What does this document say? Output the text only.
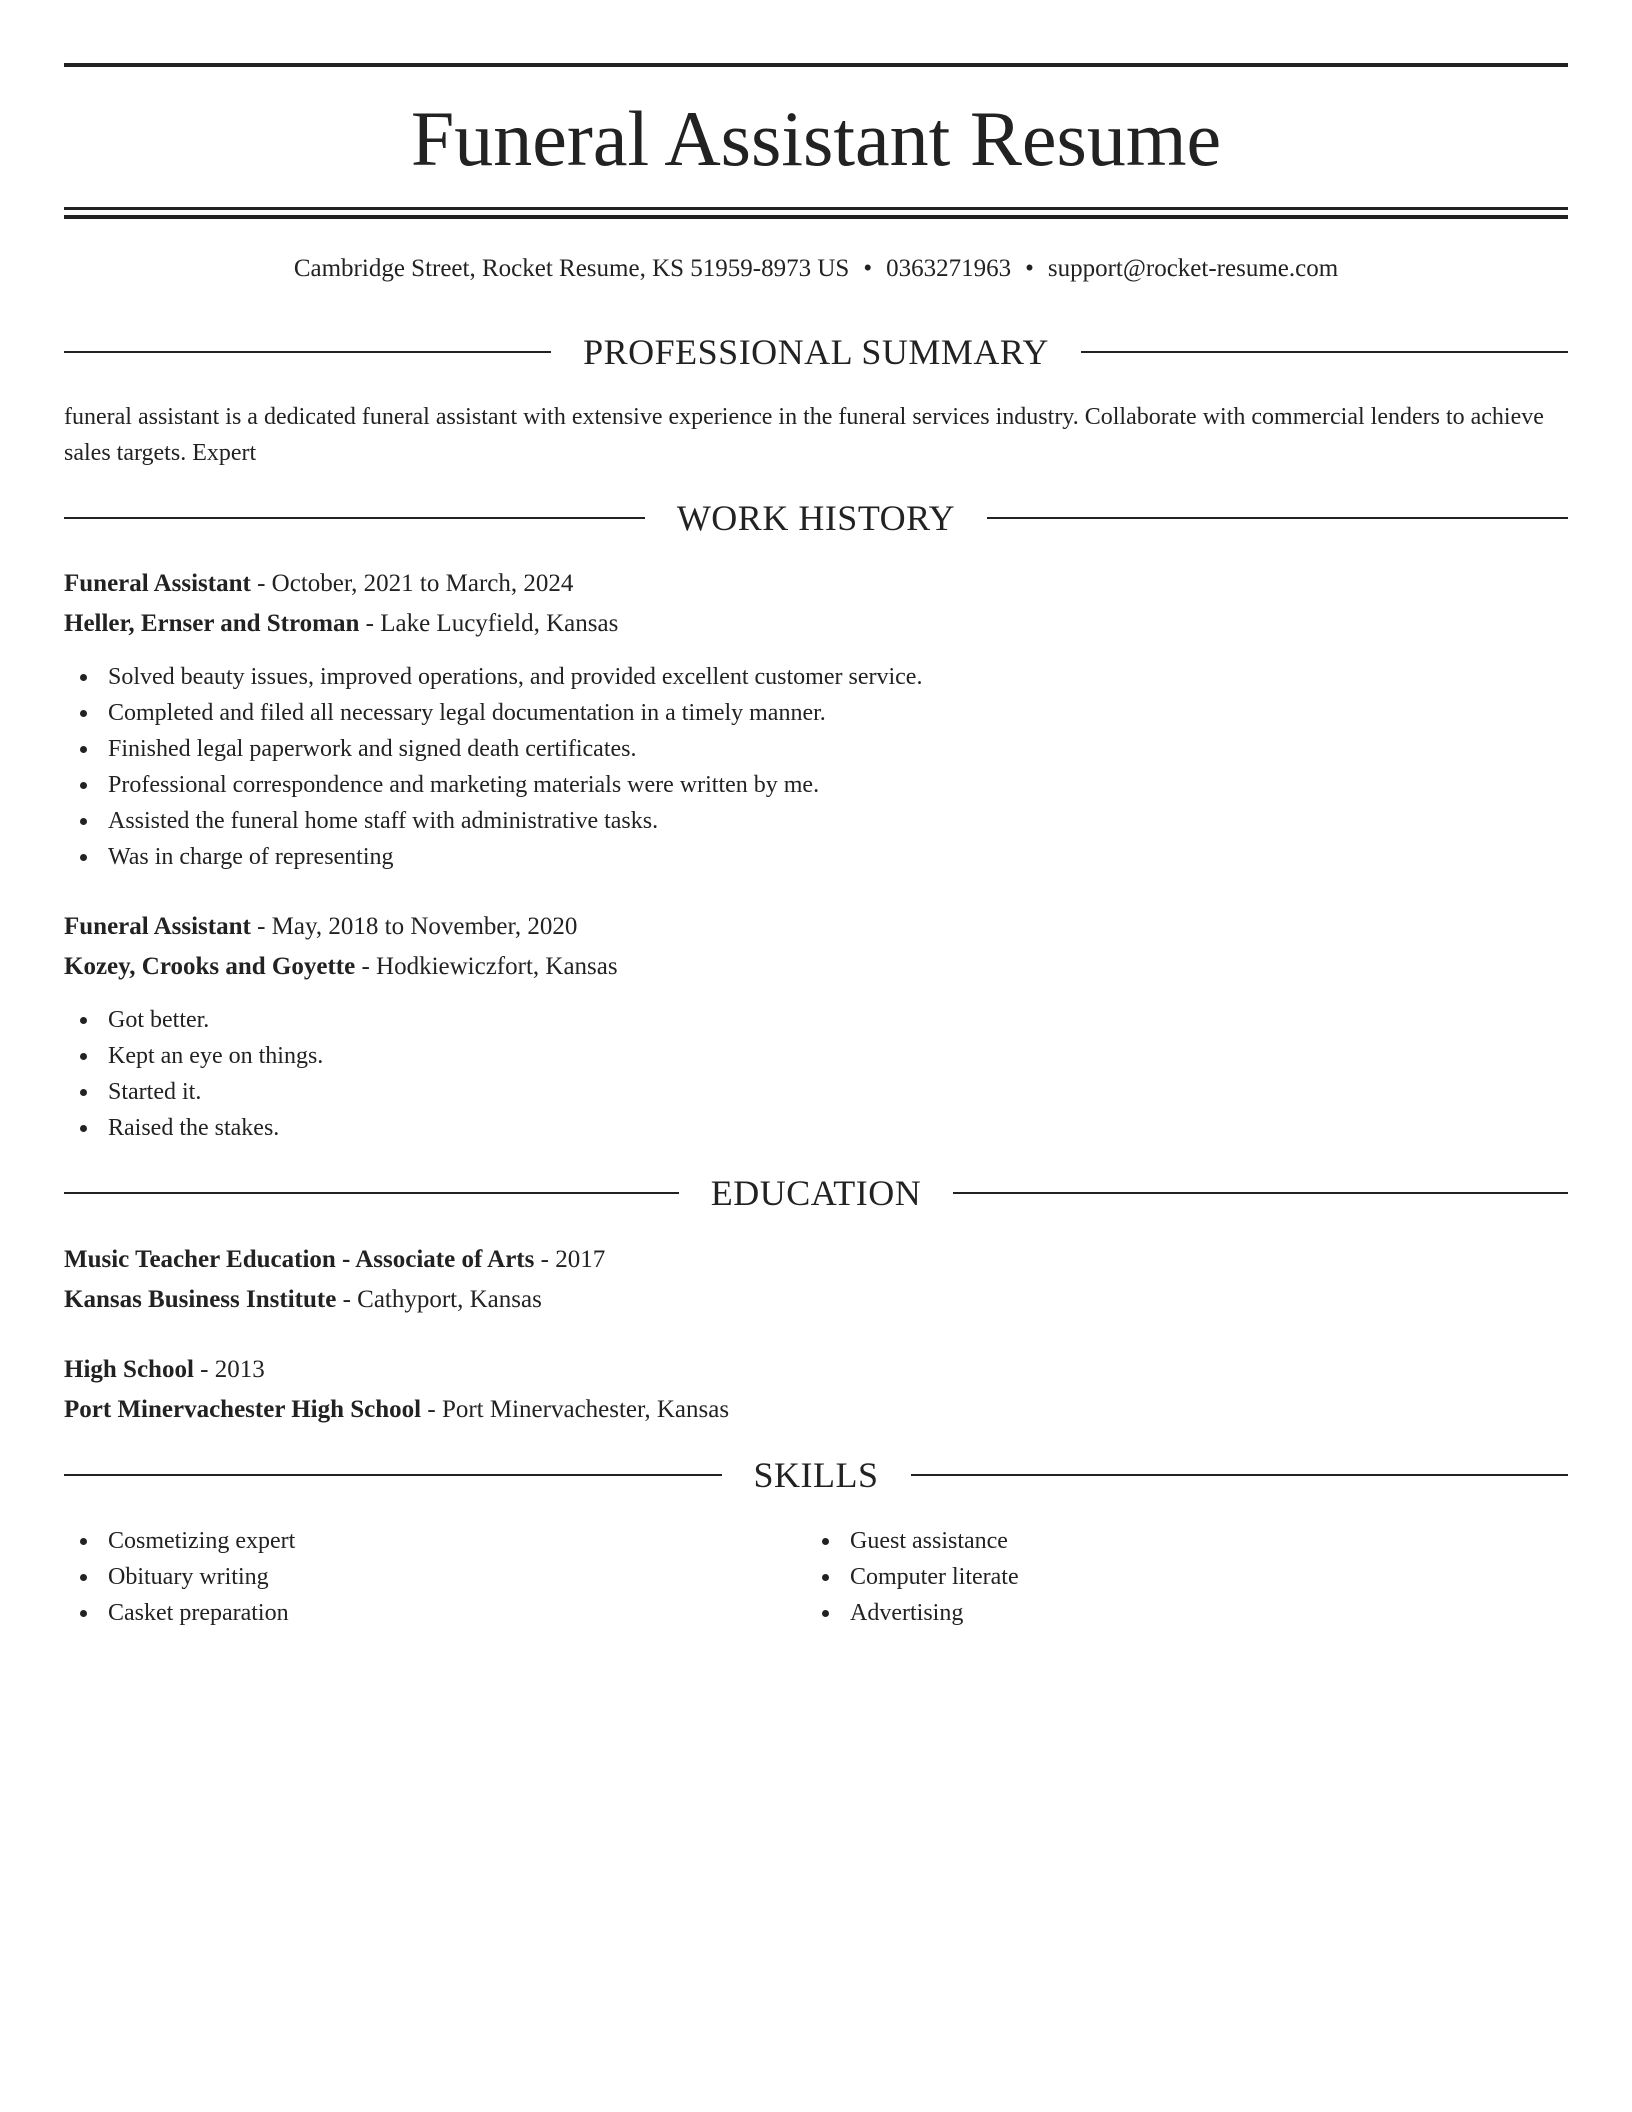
Funeral Assistant Resume
Cambridge Street, Rocket Resume, KS 51959-8973 US • 0363271963 • support@rocket-resume.com
PROFESSIONAL SUMMARY
funeral assistant is a dedicated funeral assistant with extensive experience in the funeral services industry. Collaborate with commercial lenders to achieve sales targets. Expert
WORK HISTORY
Funeral Assistant - October, 2021 to March, 2024
Heller, Ernser and Stroman - Lake Lucyfield, Kansas
Solved beauty issues, improved operations, and provided excellent customer service.
Completed and filed all necessary legal documentation in a timely manner.
Finished legal paperwork and signed death certificates.
Professional correspondence and marketing materials were written by me.
Assisted the funeral home staff with administrative tasks.
Was in charge of representing
Funeral Assistant - May, 2018 to November, 2020
Kozey, Crooks and Goyette - Hodkiewiczfort, Kansas
Got better.
Kept an eye on things.
Started it.
Raised the stakes.
EDUCATION
Music Teacher Education - Associate of Arts - 2017
Kansas Business Institute - Cathyport, Kansas
High School - 2013
Port Minervachester High School - Port Minervachester, Kansas
SKILLS
Cosmetizing expert
Obituary writing
Casket preparation
Guest assistance
Computer literate
Advertising
